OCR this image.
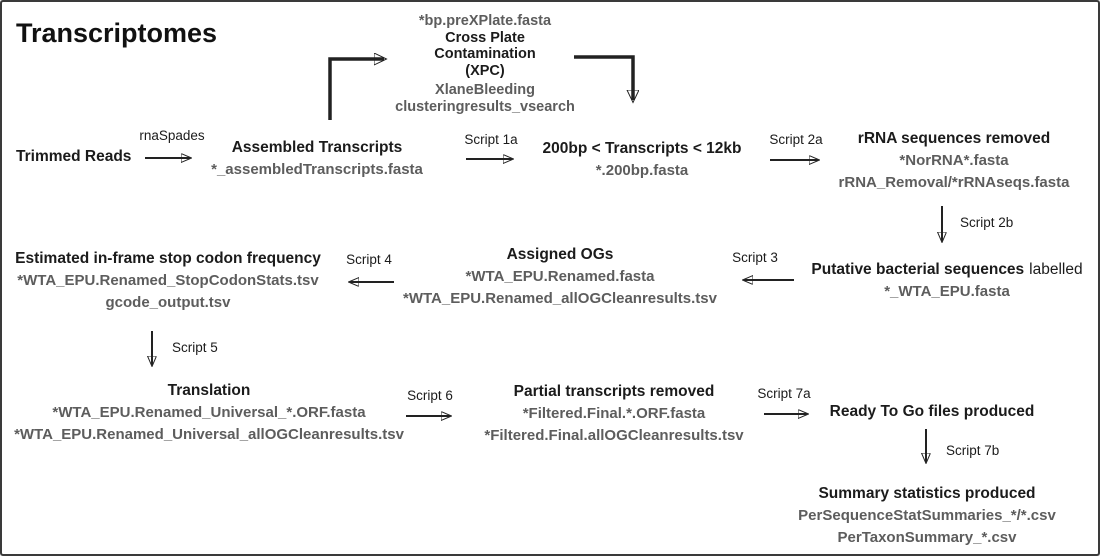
Transcriptomes
rnaSpades	Script 1a	Script 2a
Script 2b
Script 3
Script 4
Script 5
Script 6	Script 7a
Script 7b
Trimmed Reads
Assembled Transcripts
*_assembledTranscripts.fasta
*bp.preXPlate.fasta
Cross Plate
Contamination
(XPC)
XlaneBleeding
clusteringresults_vsearch
200bp < Transcripts < 12kb
*.200bp.fasta
rRNA sequences removed
*NorRNA*.fasta
rRNA_Removal/*rRNAseqs.fasta
Putative bacterial sequences labelled
*_WTA_EPU.fasta
Assigned OGs
*WTA_EPU.Renamed.fasta
*WTA_EPU.Renamed_allOGCleanresults.tsv
Estimated in-frame stop codon frequency
*WTA_EPU.Renamed_StopCodonStats.tsv
gcode_output.tsv
Translation
*WTA_EPU.Renamed_Universal_*.ORF.fasta
*WTA_EPU.Renamed_Universal_allOGCleanresults.tsv
Partial transcripts removed
*Filtered.Final.*.ORF.fasta
*Filtered.Final.allOGCleanresults.tsv
Ready To Go files produced
Summary statistics produced
PerSequenceStatSummaries_*/*.csv
PerTaxonSummary_*.csv
